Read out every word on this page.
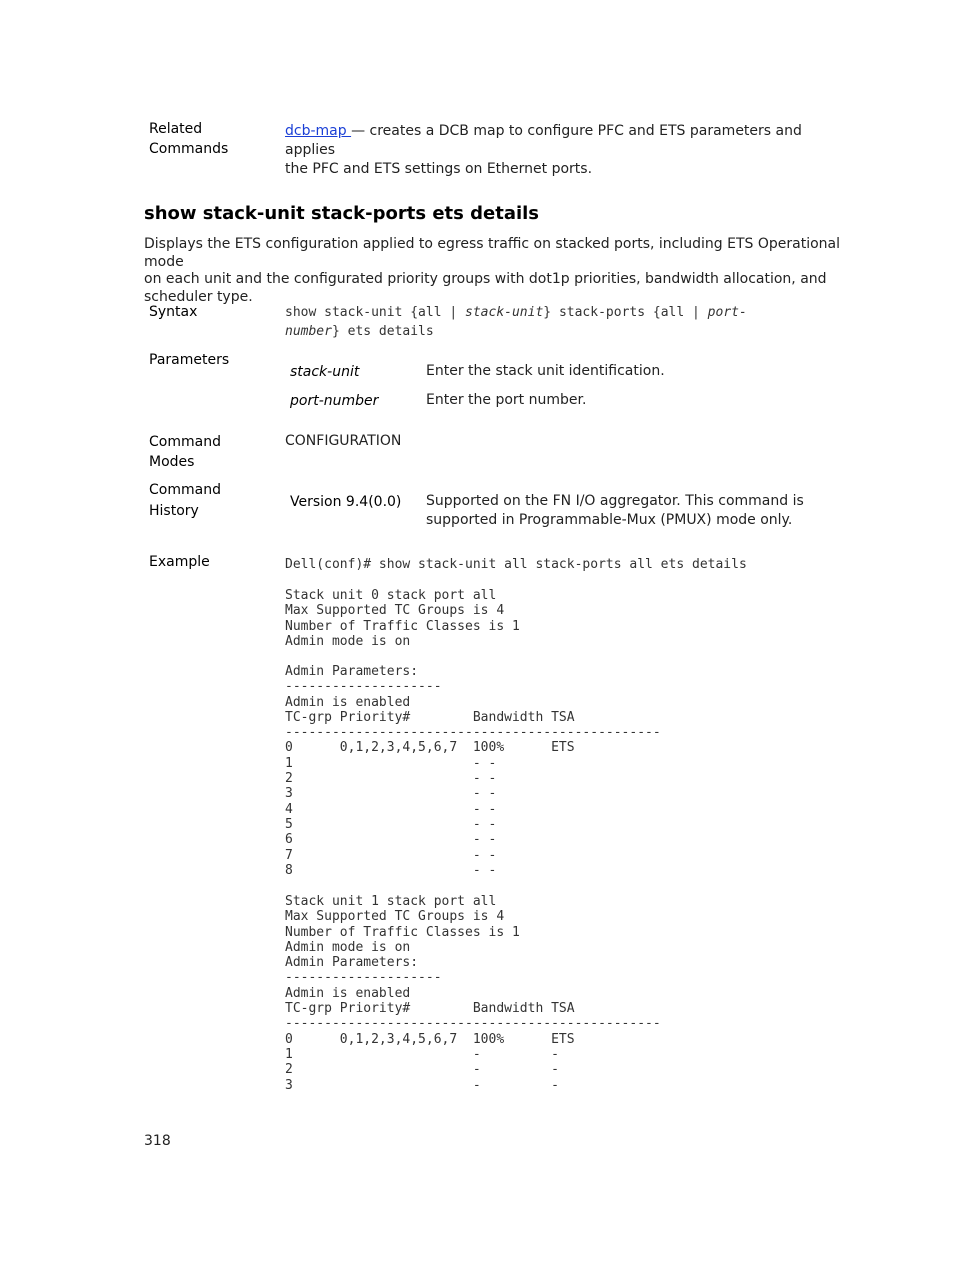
Related
Commands
dcb-map — creates a DCB map to configure PFC and ETS parameters and applies
the PFC and ETS settings on Ethernet ports.
show stack-unit stack-ports ets details
Displays the ETS configuration applied to egress traffic on stacked ports, including ETS Operational mode
on each unit and the configurated priority groups with dot1p priorities, bandwidth allocation, and
scheduler type.
Syntax	show stack-unit {all | stack-unit} stack-ports {all | port-
number} ets details
Parameters
stack-unit	Enter the stack unit identification.
port-number	Enter the port number.
Command
Modes
CONFIGURATION
Command
History
Version 9.4(0.0) Supported on the FN I/O aggregator. This command is
supported in Programmable-Mux (PMUX) mode only.
Example	Dell(conf)# show stack-unit all stack-ports all ets details
Stack unit 0 stack port all
Max Supported TC Groups is 4
Number of Traffic Classes is 1
Admin mode is on
Admin Parameters:
--------------------
Admin is enabled
TC-grp Priority#        Bandwidth TSA
------------------------------------------------
0      0,1,2,3,4,5,6,7  100%      ETS
1                       - -
2                       - -
3                       - -
4                       - -
5                       - -
6                       - -
7                       - -
8                       - -
Stack unit 1 stack port all
Max Supported TC Groups is 4
Number of Traffic Classes is 1
Admin mode is on
Admin Parameters:
--------------------
Admin is enabled
TC-grp Priority#        Bandwidth TSA
------------------------------------------------
0      0,1,2,3,4,5,6,7  100%      ETS
1                       -         -
2                       -         -
3                       -         -
318
